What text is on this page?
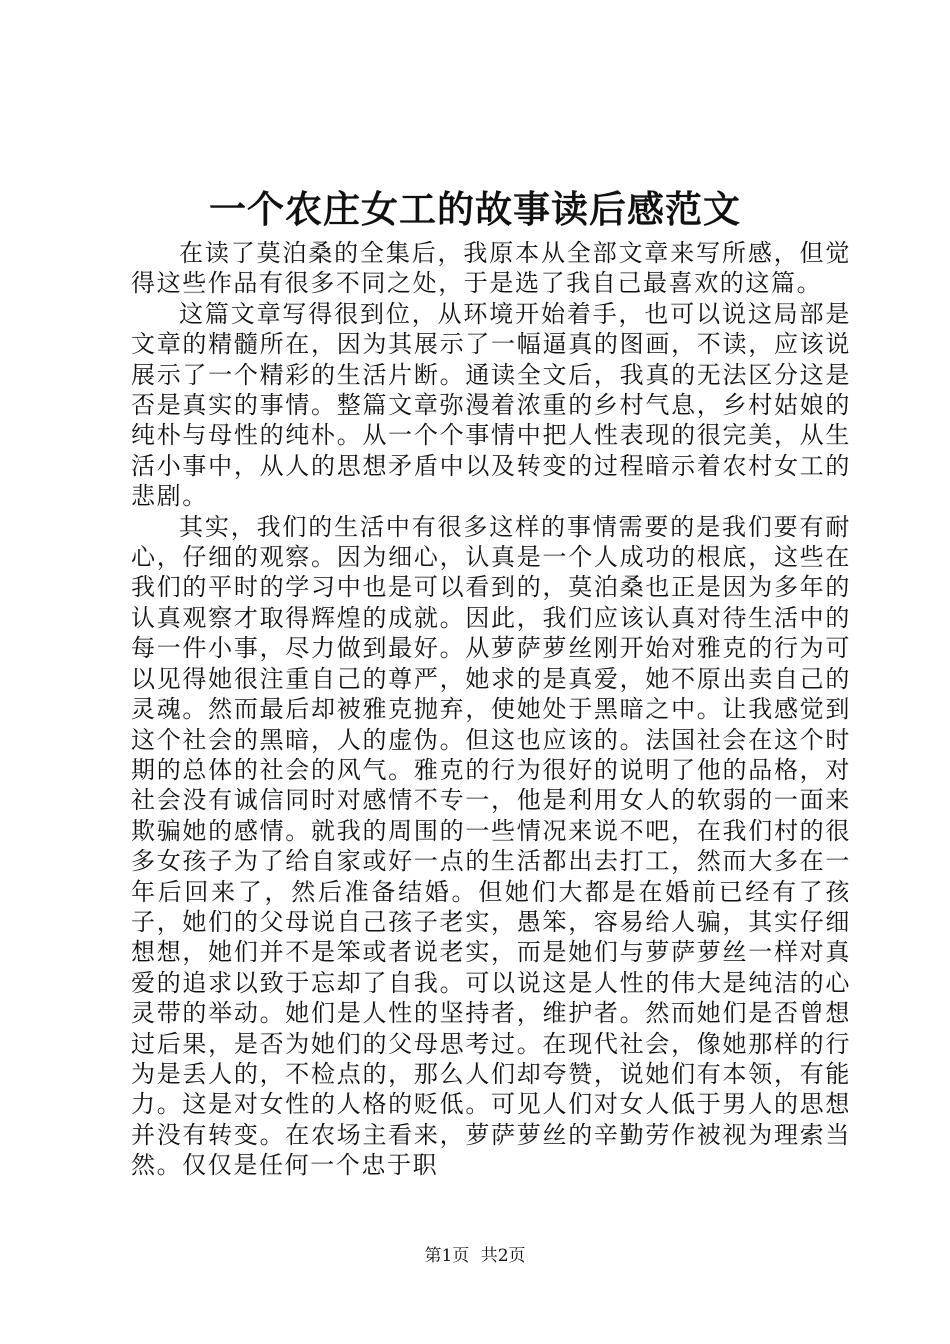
一个农庄女工的故事读后感范文

在读了莫泊桑的全集后，我原本从全部文章来写所感，但觉得这些作品有很多不同之处，于是选了我自己最喜欢的这篇。

这篇文章写得很到位，从环境开始着手，也可以说这局部是文章的精髓所在，因为其展示了一幅逼真的图画，不读，应该说展示了一个精彩的生活片断。通读全文后，我真的无法区分这是否是真实的事情。整篇文章弥漫着浓重的乡村气息，乡村姑娘的纯朴与母性的纯朴。从一个个事情中把人性表现的很完美，从生活小事中，从人的思想矛盾中以及转变的过程暗示着农村女工的悲剧。

其实，我们的生活中有很多这样的事情需要的是我们要有耐心，仔细的观察。因为细心，认真是一个人成功的根底，这些在我们的平时的学习中也是可以看到的，莫泊桑也正是因为多年的认真观察才取得辉煌的成就。因此，我们应该认真对待生活中的每一件小事，尽力做到最好。从萝萨萝丝刚开始对雅克的行为可以见得她很注重自己的尊严，她求的是真爱，她不原出卖自己的灵魂。然而最后却被雅克抛弃，使她处于黑暗之中。让我感觉到这个社会的黑暗，人的虚伪。但这也应该的。法国社会在这个时期的总体的社会的风气。雅克的行为很好的说明了他的品格，对社会没有诚信同时对感情不专一，他是利用女人的软弱的一面来欺骗她的感情。就我的周围的一些情况来说不吧，在我们村的很多女孩子为了给自家或好一点的生活都出去打工，然而大多在一年后回来了，然后准备结婚。但她们大都是在婚前已经有了孩子，她们的父母说自己孩子老实，愚笨，容易给人骗，其实仔细想想，她们并不是笨或者说老实，而是她们与萝萨萝丝一样对真爱的追求以致于忘却了自我。可以说这是人性的伟大是纯洁的心灵带的举动。她们是人性的坚持者，维护者。然而她们是否曾想过后果，是否为她们的父母思考过。在现代社会，像她那样的行为是丢人的，不检点的，那么人们却夸赞，说她们有本领，有能力。这是对女性的人格的贬低。可见人们对女人低于男人的思想并没有转变。在农场主看来，萝萨萝丝的辛勤劳作被视为理索当然。仅仅是任何一个忠于职

第1页 共2页
